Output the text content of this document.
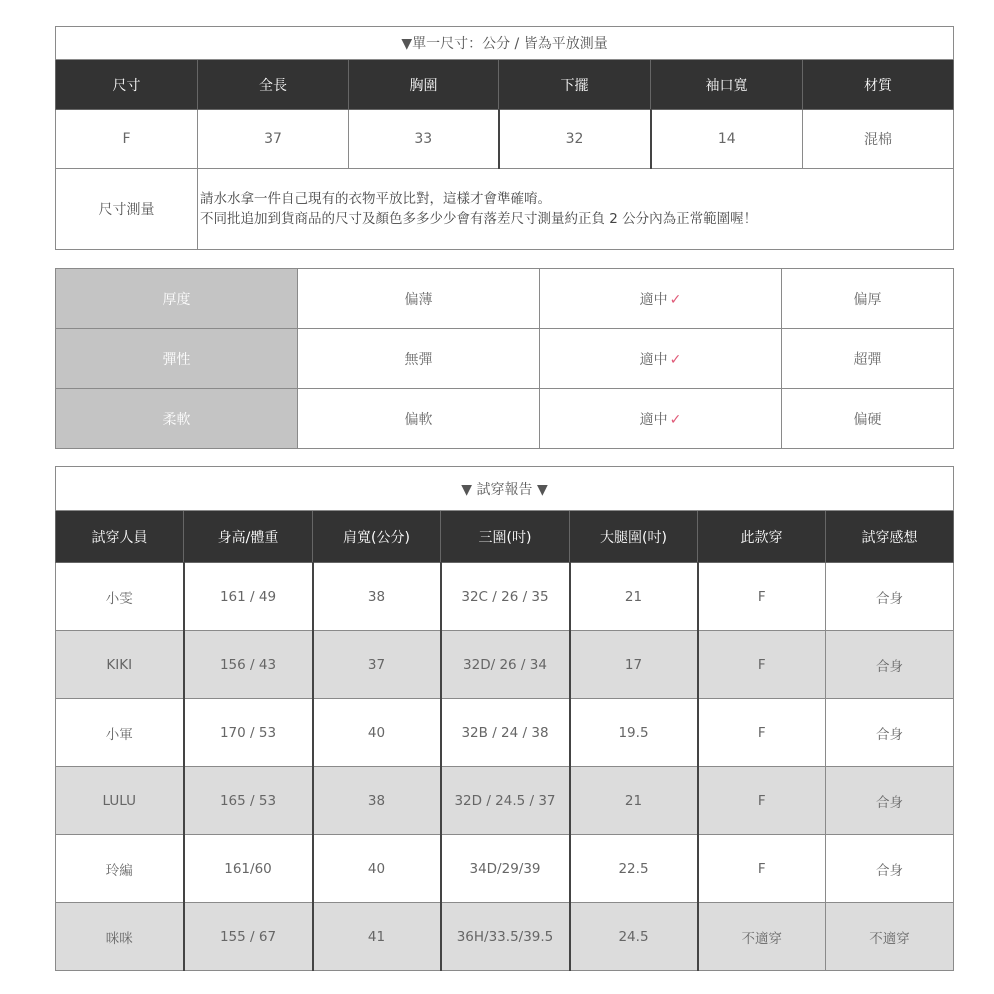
▼單一尺寸：公分 / 皆為平放測量					
尺寸	全長	胸圍	下擺	袖口寬	材質
F	37	33	32	14	混棉
尺寸測量	請水水拿一件自己現有的衣物平放比對，這樣才會準確唷。
不同批追加到貨商品的尺寸及顏色多多少少會有落差尺寸測量約正負 2 公分內為正常範圍喔！				
厚度	偏薄	適中 ✓	偏厚
彈性	無彈	適中 ✓	超彈
柔軟	偏軟	適中 ✓	偏硬
▼ 試穿報告 ▼						
試穿人員	身高/體重	肩寬(公分)	三圍(吋)	大腿圍(吋)	此款穿	試穿感想
小雯	161 / 49	38	32C / 26 / 35	21	F	合身
KIKI	156 / 43	37	32D/ 26 / 34	17	F	合身
小軍	170 / 53	40	32B / 24 / 38	19.5	F	合身
LULU	165 / 53	38	32D / 24.5 / 37	21	F	合身
玲編	161/60	40	34D/29/39	22.5	F	合身
咪咪	155 / 67	41	36H/33.5/39.5	24.5	不適穿	不適穿
